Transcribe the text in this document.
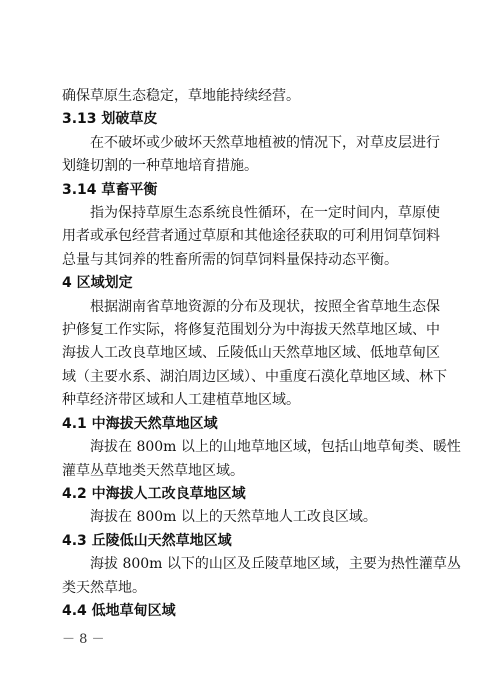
确保草原生态稳定，草地能持续经营。

3.13 划破草皮

在不破坏或少破坏天然草地植被的情况下，对草皮层进行

划缝切割的一种草地培育措施。

3.14 草畜平衡

指为保持草原生态系统良性循环，在一定时间内，草原使

用者或承包经营者通过草原和其他途径获取的可利用饲草饲料

总量与其饲养的牲畜所需的饲草饲料量保持动态平衡。

4 区域划定

根据湖南省草地资源的分布及现状，按照全省草地生态保

护修复工作实际，将修复范围划分为中海拔天然草地区域、中

海拔人工改良草地区域、丘陵低山天然草地区域、低地草甸区

域（主要水系、湖泊周边区域）、中重度石漠化草地区域、林下

种草经济带区域和人工建植草地区域。

4.1 中海拔天然草地区域

海拔在 800m 以上的山地草地区域，包括山地草甸类、暖性

灌草丛草地类天然草地区域。

4.2 中海拔人工改良草地区域

海拔在 800m 以上的天然草地人工改良区域。

4.3 丘陵低山天然草地区域

海拔 800m 以下的山区及丘陵草地区域，主要为热性灌草丛

类天然草地。

4.4 低地草甸区域

－ 8 －
